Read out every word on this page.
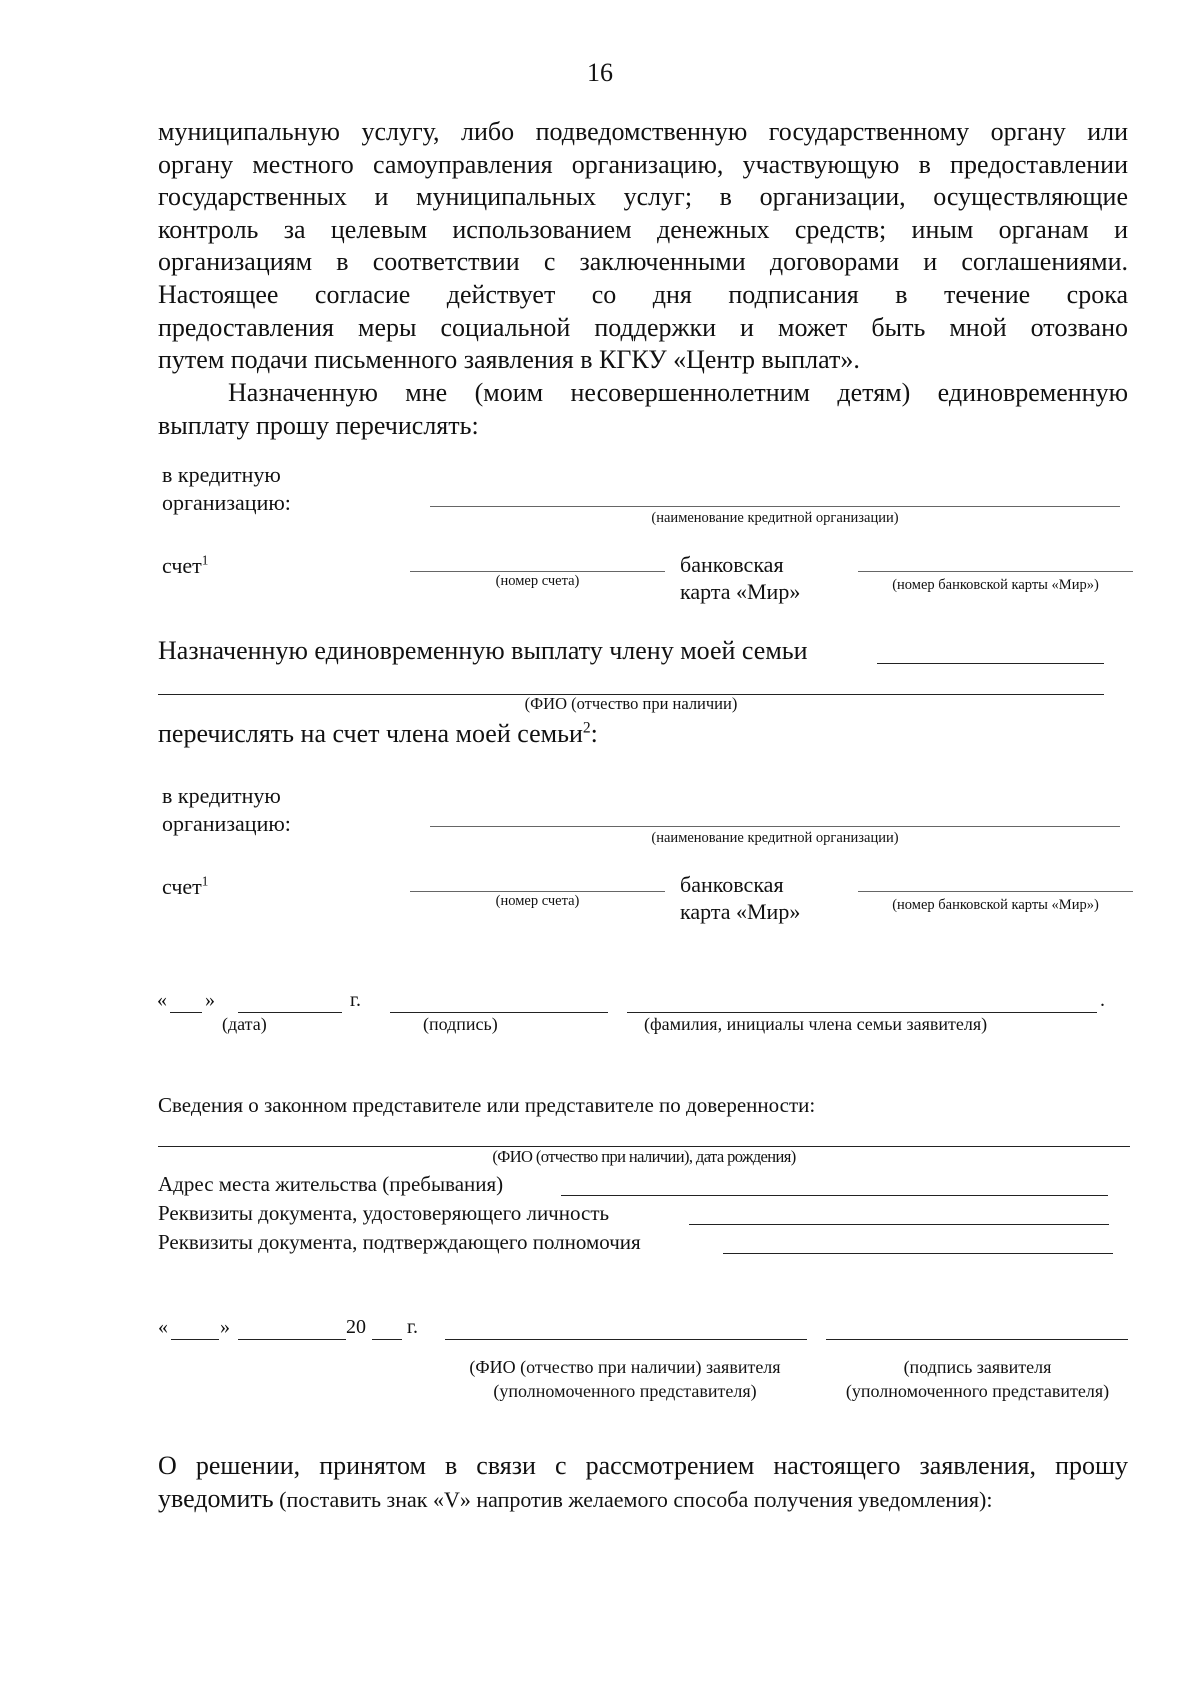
16
муниципальную услугу, либо подведомственную государственному органу или
органу местного самоуправления организацию, участвующую в предоставлении
государственных и муниципальных услуг; в организации, осуществляющие
контроль за целевым использованием денежных средств; иным органам и
организациям в соответствии с заключенными договорами и соглашениями.
Настоящее согласие действует со дня подписания в течение срока
предоставления меры социальной поддержки и может быть мной отозвано
путем подачи письменного заявления в КГКУ «Центр выплат».
Назначенную мне (моим несовершеннолетним детям) единовременную
выплату прошу перечислять:
в кредитную
организацию:
(наименование кредитной организации)
счет$^1$
(номер счета)
банковская
карта «Мир»	(номер банковской карты «Мир»)
Назначенную единовременную выплату члену моей семьи
(ФИО (отчество при наличии)
перечислять на счет члена моей семьи$^2$:
в кредитную
организацию:
(наименование кредитной организации)
счет$^1$
(номер счета)
банковская
карта «Мир»	(номер банковской карты «Мир»)
« »	г.	.
(дата)	(подпись)	(фамилия, инициалы члена семьи заявителя)
Сведения о законном представителе или представителе по доверенности:
(ФИО (отчество при наличии), дата рождения)
Адрес места жительства (пребывания)
Реквизиты документа, удостоверяющего личность
Реквизиты документа, подтверждающего полномочия
«	»	20 г.
(ФИО (отчество при наличии) заявителя
(уполномоченного представителя)
(подпись заявителя
(уполномоченного представителя)
О решении, принятом в связи с рассмотрением настоящего заявления, прошу
уведомить (поставить знак «V» напротив желаемого способа получения уведомления):
